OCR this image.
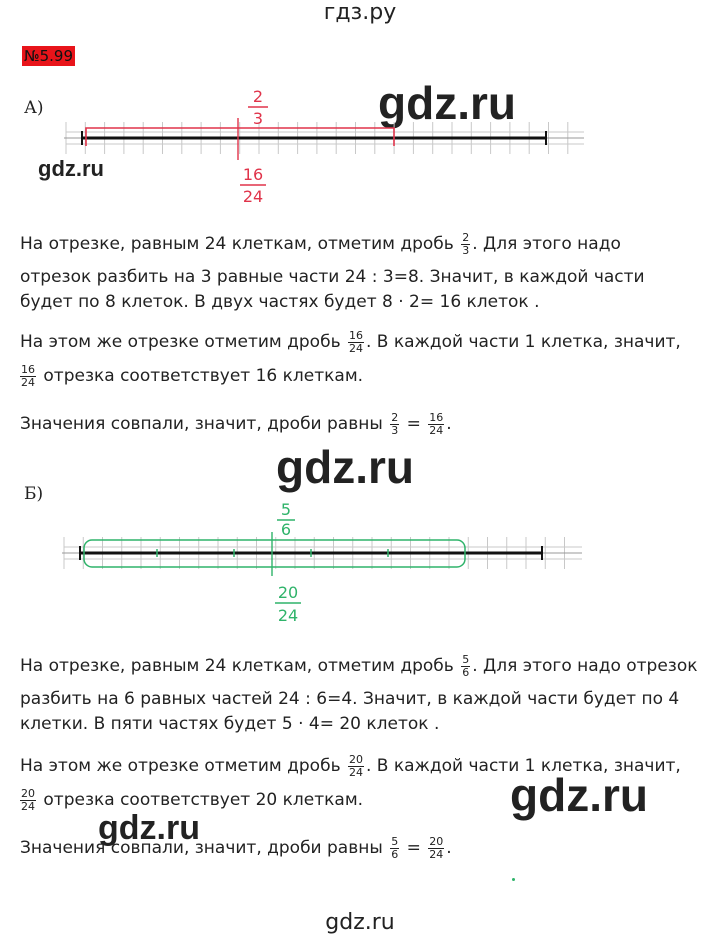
гдз.ру
№5.99
А)	gdz.ru
gdz.ru
2
3
16
24
На отрезке, равным 24 клеткам, отметим дробь $\frac{2}{3}$ . Для этого надо
отрезок разбить на 3 равные части 24 : 3=8. Значит, в каждой части
будет по 8 клеток. В двух частях будет 8 · 2= 16 клеток .
На этом же отрезке отметим дробь $\frac{16}{24}$ . В каждой части 1 клетка, значит,
$\frac{16}{24}$ отрезка соответствует 16 клеткам.
Значения совпали, значит, дроби равны $\frac{2}{3} = \frac{16}{24}$ .
gdz.ru
Б)
5
6
20
24
На отрезке, равным 24 клеткам, отметим дробь $\frac{5}{6}$ . Для этого надо отрезок
разбить на 6 равных частей 24 : 6=4. Значит, в каждой части будет по 4
клетки. В пяти частях будет 5 · 4= 20 клеток .
На этом же отрезке отметим дробь $\frac{20}{24}$ . В каждой части 1 клетка, значит,
$\frac{20}{24}$ отрезка соответствует 20 клеткам.	gdz.ru
gdz.ru
Значения совпали, значит, дроби равны $\frac{5}{6} = \frac{20}{24}$ .
gdz.ru
